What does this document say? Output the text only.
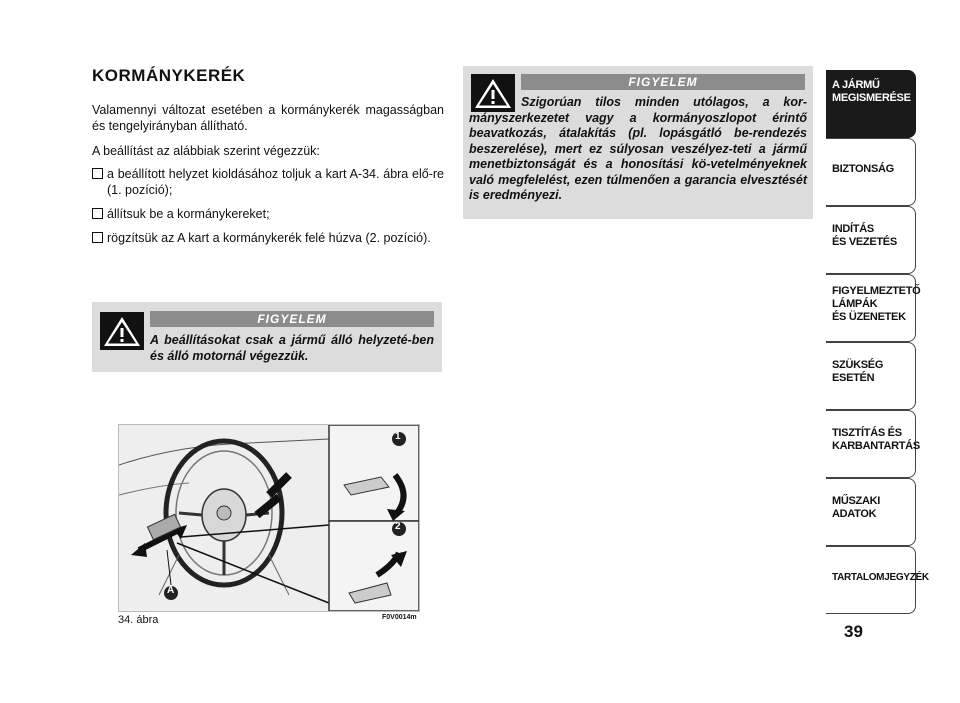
KORMÁNYKERÉK
Valamennyi változat esetében a kormánykerék magasságban és tengelyirányban állítható.
A beállítást az alábbiak szerint végezzük:
a beállított helyzet kioldásához toljuk a kart A-34. ábra elő-re (1. pozíció);
állítsuk be a kormánykereket;
rögzítsük az A kart a kormánykerék felé húzva (2. pozíció).
FIGYELEM
A beállításokat csak a jármű álló helyzeté-ben és álló motornál végezzük.
FIGYELEM
Szigorúan tilos minden utólagos, a kor-mányszerkezetet vagy a kormányoszlopot érintő beavatkozás, átalakítás (pl. lopásgátló be-rendezés beszerelése), mert ez súlyosan veszélyez-teti a jármű menetbiztonságát és a honosítási kö-vetelményeknek való megfelelést, ezen túlmenően a garancia elvesztését is eredményezi.
1
2
A
34. ábra	F0V0014m
A JÁRMŰ
MEGISMERÉSE
BIZTONSÁG
INDÍTÁS
ÉS VEZETÉS
FIGYELMEZTETŐ
LÁMPÁK
ÉS ÜZENETEK
SZÜKSÉG
ESETÉN
TISZTÍTÁS ÉS
KARBANTARTÁS
MŰSZAKI
ADATOK
TARTALOMJEGYZÉK
39
